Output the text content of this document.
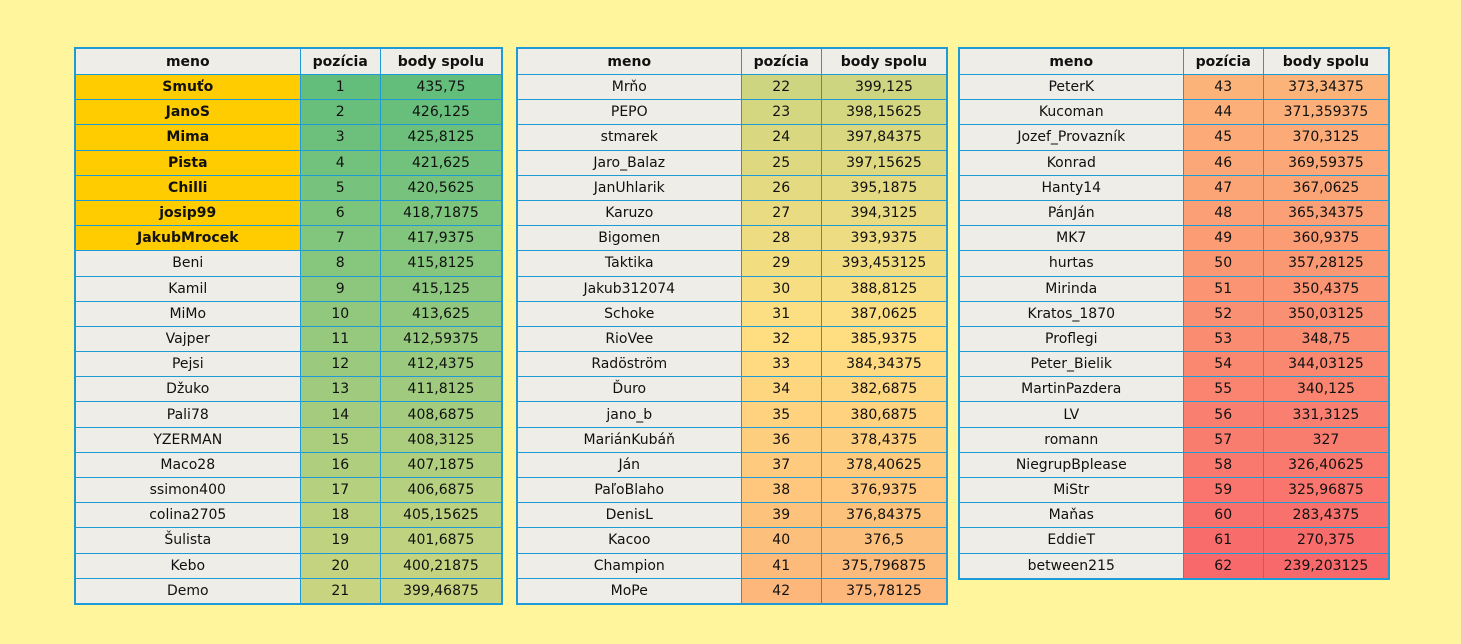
meno	pozícia	body spolu
Smuťo	1	435,75
JanoS	2	426,125
Mima	3	425,8125
Pista	4	421,625
Chilli	5	420,5625
josip99	6	418,71875
JakubMrocek	7	417,9375
Beni	8	415,8125
Kamil	9	415,125
MiMo	10	413,625
Vajper	11	412,59375
Pejsi	12	412,4375
Džuko	13	411,8125
Pali78	14	408,6875
YZERMAN	15	408,3125
Maco28	16	407,1875
ssimon400	17	406,6875
colina2705	18	405,15625
Šulista	19	401,6875
Kebo	20	400,21875
Demo	21	399,46875
meno	pozícia	body spolu
Mrňo	22	399,125
PEPO	23	398,15625
stmarek	24	397,84375
Jaro_Balaz	25	397,15625
JanUhlarik	26	395,1875
Karuzo	27	394,3125
Bigomen	28	393,9375
Taktika	29	393,453125
Jakub312074	30	388,8125
Schoke	31	387,0625
RioVee	32	385,9375
Radöström	33	384,34375
Ďuro	34	382,6875
jano_b	35	380,6875
MariánKubáň	36	378,4375
Ján	37	378,40625
PaľoBlaho	38	376,9375
DenisL	39	376,84375
Kacoo	40	376,5
Champion	41	375,796875
MoPe	42	375,78125
meno	pozícia	body spolu
PeterK	43	373,34375
Kucoman	44	371,359375
Jozef_Provazník	45	370,3125
Konrad	46	369,59375
Hanty14	47	367,0625
PánJán	48	365,34375
MK7	49	360,9375
hurtas	50	357,28125
Mirinda	51	350,4375
Kratos_1870	52	350,03125
Proflegi	53	348,75
Peter_Bielik	54	344,03125
MartinPazdera	55	340,125
LV	56	331,3125
romann	57	327
NiegrupBplease	58	326,40625
MiStr	59	325,96875
Maňas	60	283,4375
EddieT	61	270,375
between215	62	239,203125
